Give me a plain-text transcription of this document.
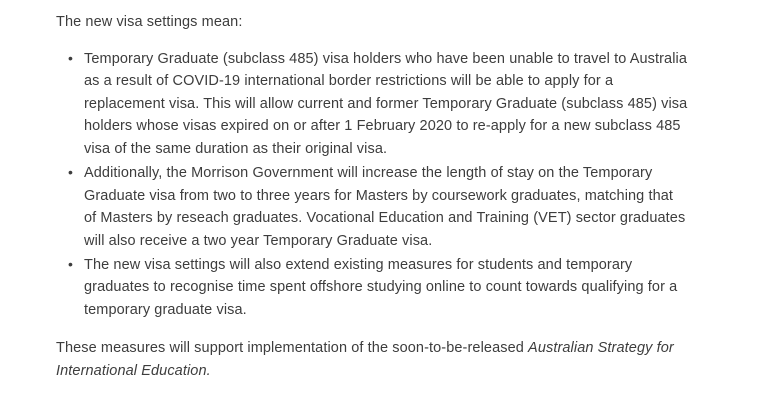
The new visa settings mean:

• Temporary Graduate (subclass 485) visa holders who have been unable to travel to Australia as a result of COVID-19 international border restrictions will be able to apply for a replacement visa. This will allow current and former Temporary Graduate (subclass 485) visa holders whose visas expired on or after 1 February 2020 to re-apply for a new subclass 485 visa of the same duration as their original visa.
• Additionally, the Morrison Government will increase the length of stay on the Temporary Graduate visa from two to three years for Masters by coursework graduates, matching that of Masters by reseach graduates. Vocational Education and Training (VET) sector graduates will also receive a two year Temporary Graduate visa.
• The new visa settings will also extend existing measures for students and temporary graduates to recognise time spent offshore studying online to count towards qualifying for a temporary graduate visa.

These measures will support implementation of the soon-to-be-released Australian Strategy for International Education.
